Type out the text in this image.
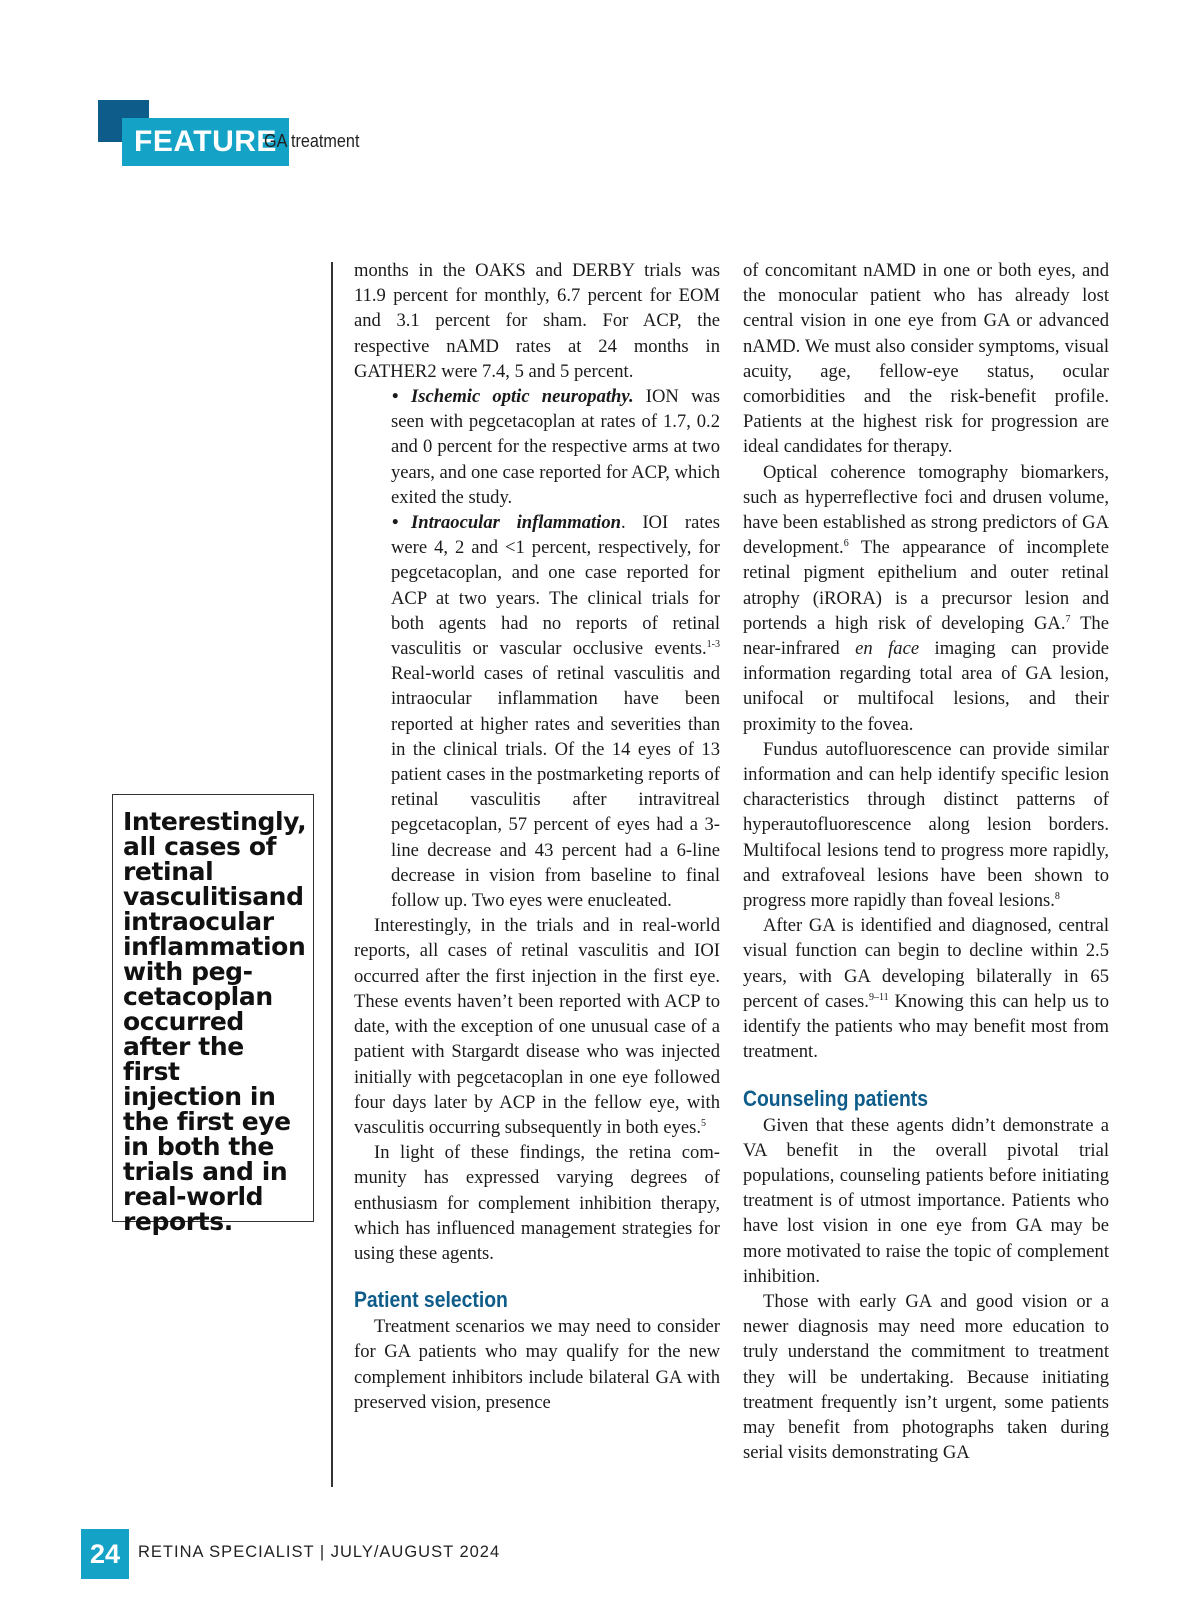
FEATURE
GA treatment
Interestingly, all cases of retinal vasculitisand intraocular inflammation with pegcetacoplan occurred after the first injection in the first eye in both the trials and in real-world reports.

months in the OAKS and DERBY trials was 11.9 percent for monthly, 6.7 percent for EOM and 3.1 percent for sham. For ACP, the respective nAMD rates at 24 months in GATHER2 were 7.4, 5 and 5 percent.

• Ischemic optic neuropathy. ION was seen with pegcetacoplan at rates of 1.7, 0.2 and 0 percent for the respective arms at two years, and one case reported for ACP, which exited the study.

• Intraocular inflammation. IOI rates were 4, 2 and <1 percent, respectively, for pegcetacoplan, and one case reported for ACP at two years. The clinical trials for both agents had no reports of retinal vasculitis or vascular occlusive events.$^{1-3}$ Real-world cases of retinal vasculitis and intraocular inflammation have been reported at higher rates and severities than in the clinical trials. Of the 14 eyes of 13 patient cases in the postmarketing reports of retinal vasculitis after intravitreal pegcetacoplan, 57 percent of eyes had a 3-line decrease and 43 percent had a 6-line decrease in vision from baseline to final follow up. Two eyes were enucleated.

Interestingly, in the trials and in real-world reports, all cases of retinal vasculitis and IOI occurred after the first injection in the first eye. These events haven’t been reported with ACP to date, with the exception of one unusual case of a patient with Stargardt disease who was injected initially with pegcetacoplan in one eye followed four days later by ACP in the fellow eye, with vasculitis occurring subsequently in both eyes.$^5$

In light of these findings, the retina community has expressed varying degrees of enthusiasm for complement inhibition therapy, which has influenced management strategies for using these agents.

Patient selection

Treatment scenarios we may need to consider for GA patients who may qualify for the new complement inhibitors include bilateral GA with preserved vision, presence

of concomitant nAMD in one or both eyes, and the monocular patient who has already lost central vision in one eye from GA or advanced nAMD. We must also consider symptoms, visual acuity, age, fellow-eye status, ocular comorbidities and the risk-benefit profile. Patients at the highest risk for progression are ideal candidates for therapy.

Optical coherence tomography biomarkers, such as hyperreflective foci and drusen volume, have been established as strong predictors of GA development.$^6$ The appearance of incomplete retinal pigment epithelium and outer retinal atrophy (iRORA) is a precursor lesion and portends a high risk of developing GA.$^7$ The near-infrared en face imaging can provide information regarding total area of GA lesion, unifocal or multifocal lesions, and their proximity to the fovea.

Fundus autofluorescence can provide similar information and can help identify specific lesion characteristics through distinct patterns of hyperautofluorescence along lesion borders. Multifocal lesions tend to progress more rapidly, and extrafoveal lesions have been shown to progress more rapidly than foveal lesions.$^8$

After GA is identified and diagnosed, central visual function can begin to decline within 2.5 years, with GA developing bilaterally in 65 percent of cases.$^{9-11}$ Knowing this can help us to identify the patients who may benefit most from treatment.

Counseling patients

Given that these agents didn’t demonstrate a VA benefit in the overall pivotal trial populations, counseling patients before initiating treatment is of utmost importance. Patients who have lost vision in one eye from GA may be more motivated to raise the topic of complement inhibition.

Those with early GA and good vision or a newer diagnosis may need more education to truly understand the commitment to treatment they will be undertaking. Because initiating treatment frequently isn’t urgent, some patients may benefit from photographs taken during serial visits demonstrating GA

24	RETINA SPECIALIST | JULY/AUGUST 2024
